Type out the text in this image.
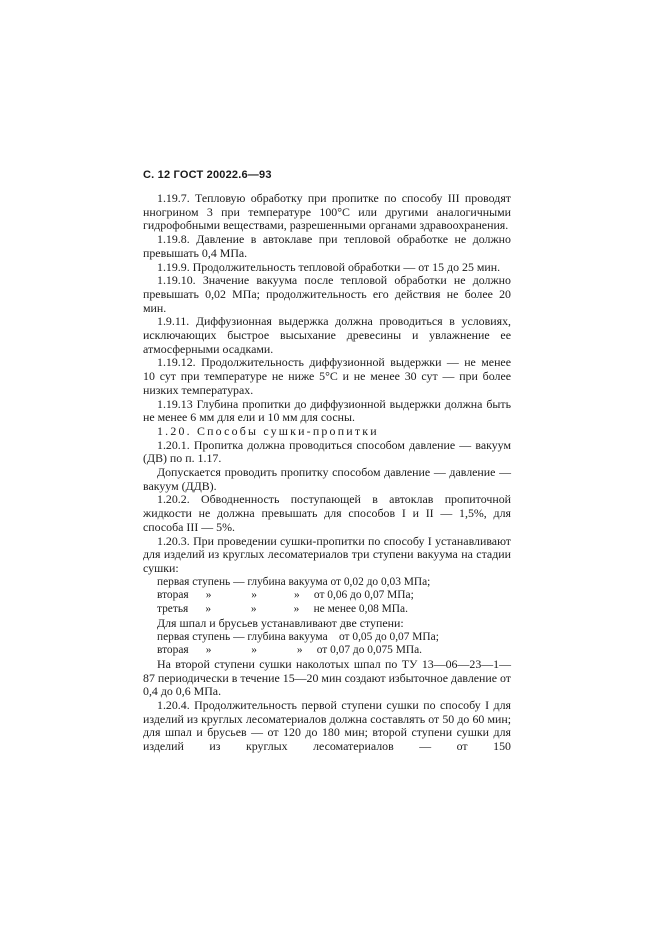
С. 12 ГОСТ 20022.6—93

1.19.7. Тепловую обработку при пропитке по способу III проводят нногрином 3 при температуре 100°С или другими аналогичными гидрофобными веществами, разрешенными органами здравоохранения.

1.19.8. Давление в автоклаве при тепловой обработке не должно превышать 0,4 МПа.

1.19.9. Продолжительность тепловой обработки — от 15 до 25 мин.

1.19.10. Значение вакуума после тепловой обработки не должно превышать 0,02 МПа; продолжительность его действия не более 20 мин.

1.9.11. Диффузионная выдержка должна проводиться в условиях, исключающих быстрое высыхание древесины и увлажнение ее атмосферными осадками.

1.19.12. Продолжительность диффузионной выдержки — не менее 10 сут при температуре не ниже 5°С и не менее 30 сут — при более низких температурах.

1.19.13 Глубина пропитки до диффузионной выдержки должна быть не менее 6 мм для ели и 10 мм для сосны.

1.20. Способы сушки-пропитки

1.20.1. Пропитка должна проводиться способом давление — вакуум (ДВ) по п. 1.17.

Допускается проводить пропитку способом давление — давление — вакуум (ДДВ).

1.20.2. Обводненность поступающей в автоклав пропиточной жидкости не должна превышать для способов I и II — 1,5%, для способа III — 5%.

1.20.3. При проведении сушки-пропитки по способу I устанавливают для изделий из круглых лесоматериалов три ступени вакуума на стадии сушки:

первая ступень — глубина вакуума от 0,02 до 0,03 МПа;
вторая      »              »             »     от 0,06 до 0,07 МПа;
третья      »              »             »     не менее 0,08 МПа.

Для шпал и брусьев устанавливают две ступени:

первая ступень — глубина вакуума    от 0,05 до 0,07 МПа;
вторая      »              »              »     от 0,07 до 0,075 МПа.

На второй ступени сушки наколотых шпал по ТУ 13—06—23—1—87 периодически в течение 15—20 мин создают избыточное давление от 0,4 до 0,6 МПа.

1.20.4. Продолжительность первой ступени сушки по способу I для изделий из круглых лесоматериалов должна составлять от 50 до 60 мин; для шпал и брусьев — от 120 до 180 мин; второй ступени сушки для изделий из круглых лесоматериалов — от 150
